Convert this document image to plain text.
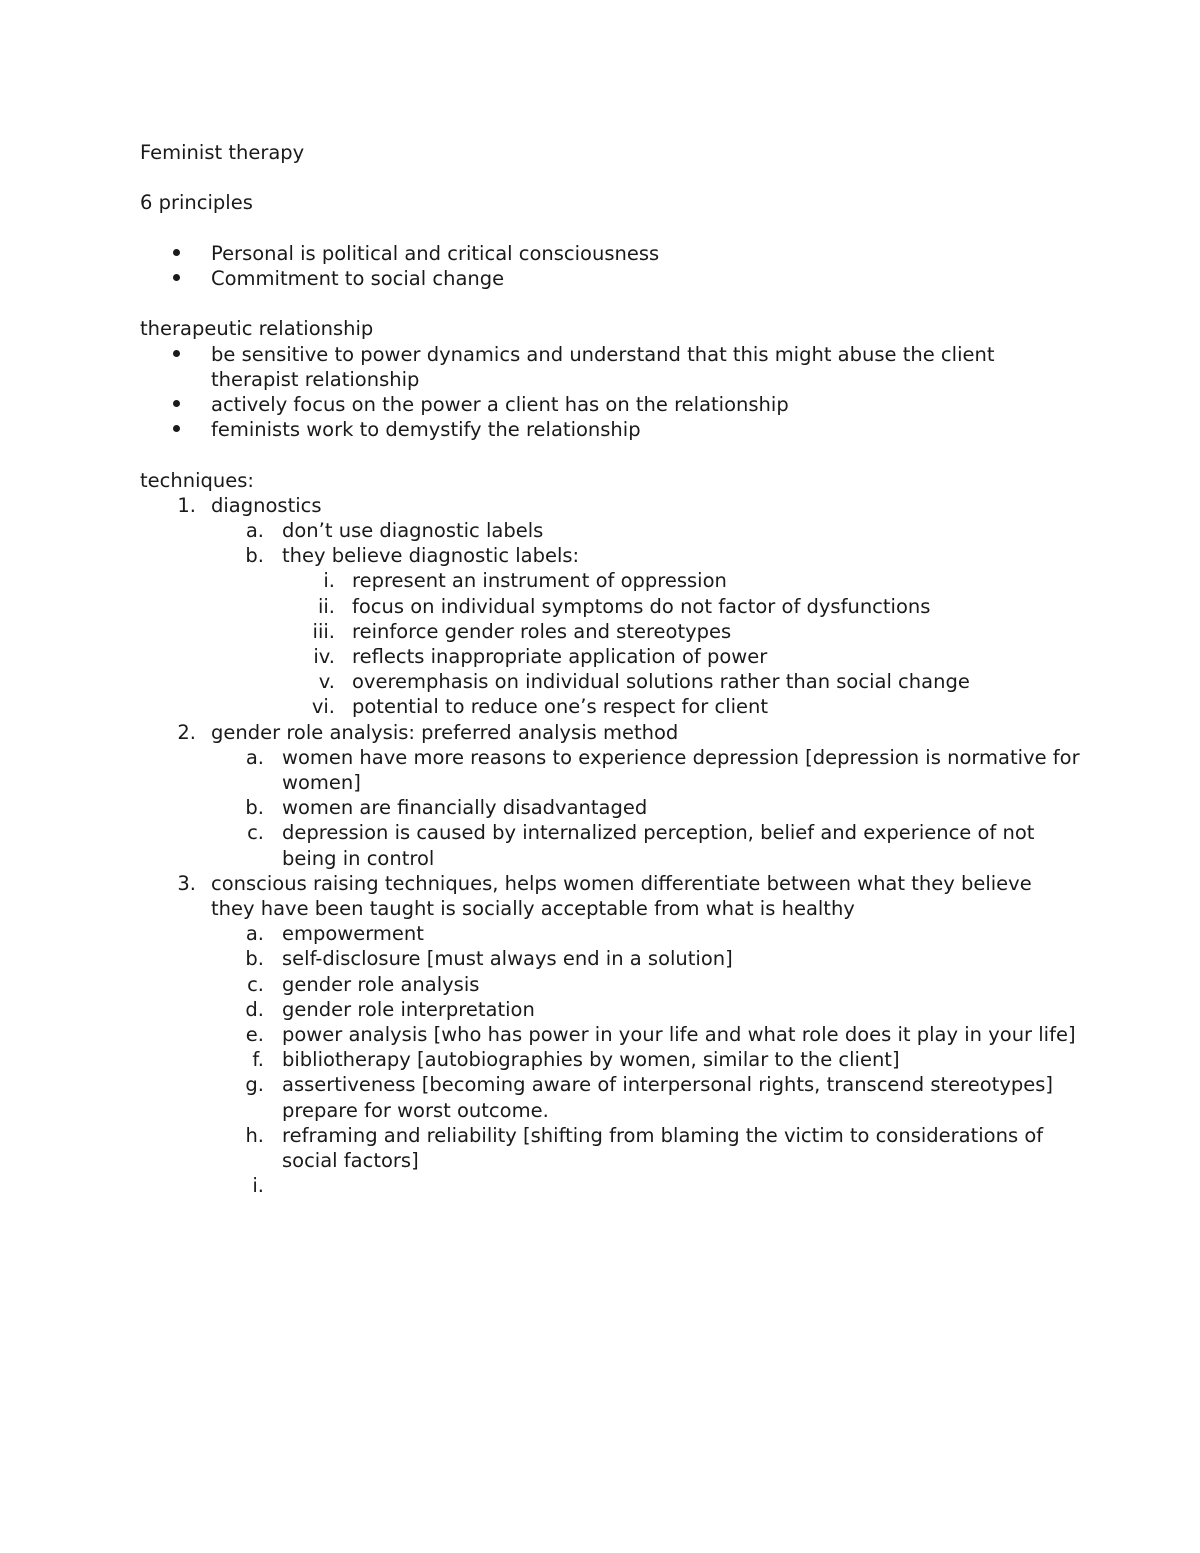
Feminist therapy
6 principles
Personal is political and critical consciousness
Commitment to social change
therapeutic relationship
be sensitive to power dynamics and understand that this might abuse the client therapist relationship
actively focus on the power a client has on the relationship
feminists work to demystify the relationship
techniques:
1. diagnostics
a. don’t use diagnostic labels
b. they believe diagnostic labels:
i. represent an instrument of oppression
ii. focus on individual symptoms do not factor of dysfunctions
iii. reinforce gender roles and stereotypes
iv. reflects inappropriate application of power
v. overemphasis on individual solutions rather than social change
vi. potential to reduce one’s respect for client
2. gender role analysis: preferred analysis method
a. women have more reasons to experience depression [depression is normative for women]
b. women are financially disadvantaged
c. depression is caused by internalized perception, belief and experience of not being in control
3. conscious raising techniques, helps women differentiate between what they believe they have been taught is socially acceptable from what is healthy
a. empowerment
b. self-disclosure [must always end in a solution]
c. gender role analysis
d. gender role interpretation
e. power analysis [who has power in your life and what role does it play in your life]
f. bibliotherapy [autobiographies by women, similar to the client]
g. assertiveness [becoming aware of interpersonal rights, transcend stereotypes] prepare for worst outcome.
h. reframing and reliability [shifting from blaming the victim to considerations of social factors]
i.
